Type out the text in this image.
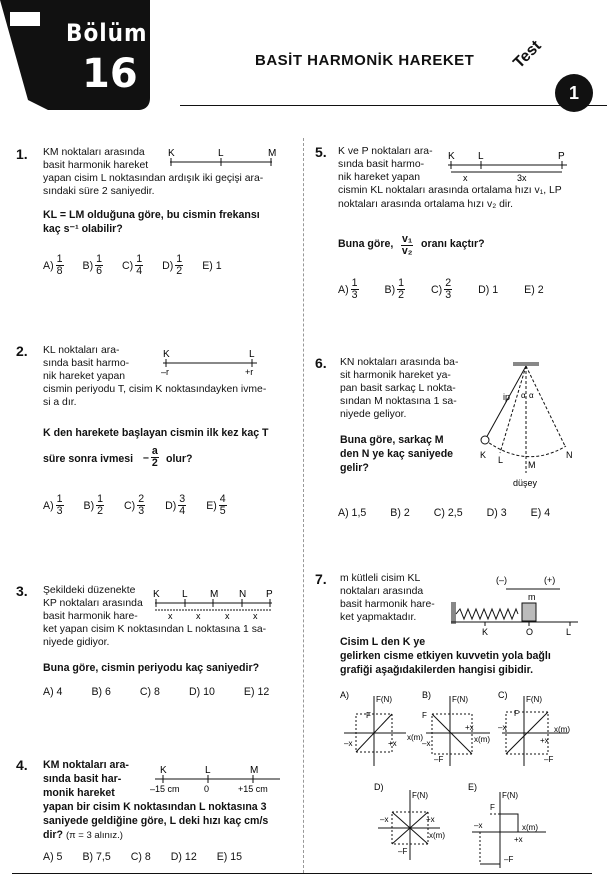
Bölüm
16	BASİT HARMONİK HAREKET Test
1
1. KM noktaları arasında
basit harmonik hareket
yapan cisim L noktasından ardışık iki geçişi ara-
sındaki süre 2 saniyedir.
K	L	M
KL = LM olduğuna göre, bu cismin frekansı
kaç s⁻¹ olabilir?
$A) \frac{1}{8} B) \frac{1}{6} C) \frac{1}{4} D) \frac{1}{2} E$)
1
2. KL noktaları ara-
sında basit harmo-
nik hareket yapan
cismin periyodu T, cisim K noktasındayken ivme-
si a dır.
K	L
–r	+r
K den harekete başlayan cismin ilk kez kaç T
süre sonra ivmesi – $\frac{a}{2}$ olur?
$A) \frac{1}{3} B) \frac{1}{2} C) \frac{2}{3} D) \frac{3}{4} E) \frac{4}{5}$
3. Şekildeki düzenekte
KP noktaları arasında
basit harmonik hare-
ket yapan cisim K noktasından L noktasına 1 sa-
niyede gidiyor.
K L M N P
x	x	x	x
Buna göre, cismin periyodu kaç saniyedir?
A)
4	B)
6	C)
8	D)
10	E)
12
4. KM noktaları ara-
sında basit har-
monik hareket
yapan bir cisim K noktasından L noktasına 3
saniyede geldiğine göre, L deki hızı kaç cm/s
dir? (π = 3 alınız.)
K	L	M
–15 cm	0	+15 cm
A)
5 B)
7,5 C)
8 D)
12 E)
15
5. K ve P noktaları ara-
sında basit harmo-
nik hareket yapan
cismin KL noktaları arasında ortalama hızı v₁, LP
noktaları arasında ortalama hızı v₂ dir.
K L	P
x	3x
Buna göre, $\frac{\text{v₁}}{\text{v₂}}$ oranı kaçtır?
$A) \frac{1}{3} B) \frac{1}{2} C) \frac{2}{3} D$)
1 E)
2
6. KN noktaları arasında ba-
sit harmonik hareket ya-
pan basit sarkaç L nokta-
sından M noktasına 1 sa-
niyede geliyor.
Buna göre, sarkaç M
den N ye kaç saniyede
gelir?
ip α α
K L	M
N
düşey
A)
1,5 B)
2 C)
2,5 D)
3 E)
4
7. m kütleli cisim KL
noktaları arasında
basit harmonik hare-
ket yapmaktadır.
Cisim L den K ye
gelirken cisme etkiyen kuvvetin yola bağlı
grafiği aşağıdakilerden hangisi gibidir.
(–)	(+)
m
K	O	L
A)	F(N)
F
x(m)
–x	+x
B)	F(N)
F
x(m)
–x
+x
–F
C) F(N)
F
x(m)
–x
+x
–F
D)
F(N)
–x	+x
x(m)
–F
E)
F(N)
F
–x
+x
x(m)
–F
